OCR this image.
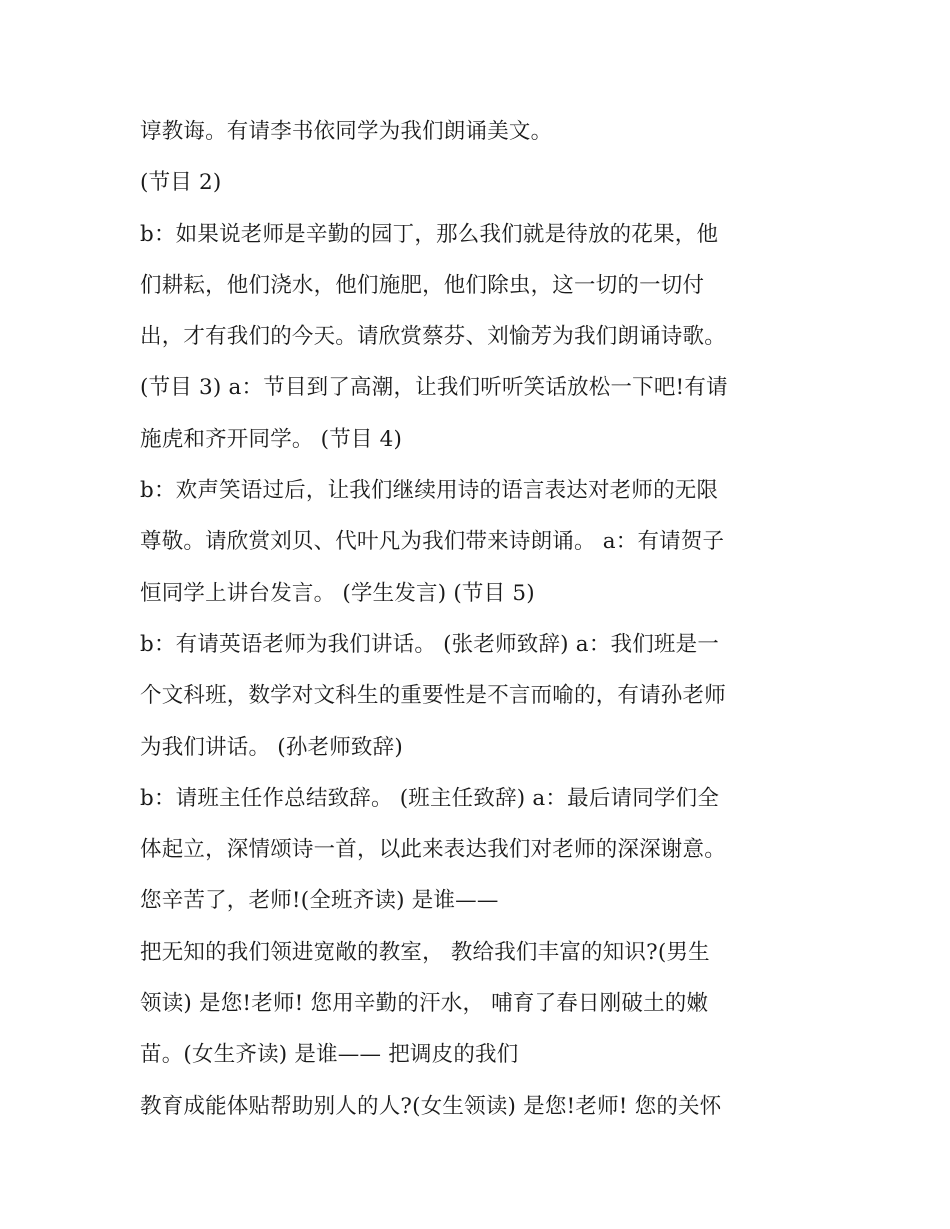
谆教诲。有请李书依同学为我们朗诵美文。
(节目 2)
b：如果说老师是辛勤的园丁，那么我们就是待放的花果，他
们耕耘，他们浇水，他们施肥，他们除虫，这一切的一切付
出，才有我们的今天。请欣赏蔡芬、刘愉芳为我们朗诵诗歌。
(节目 3) a：节目到了高潮，让我们听听笑话放松一下吧!有请
施虎和齐开同学。 (节目 4)
b：欢声笑语过后，让我们继续用诗的语言表达对老师的无限
尊敬。请欣赏刘贝、代叶凡为我们带来诗朗诵。 a：有请贺子
恒同学上讲台发言。 (学生发言) (节目 5)
b：有请英语老师为我们讲话。 (张老师致辞) a：我们班是一
个文科班，数学对文科生的重要性是不言而喻的，有请孙老师
为我们讲话。 (孙老师致辞)
b：请班主任作总结致辞。 (班主任致辞) a：最后请同学们全
体起立，深情颂诗一首，以此来表达我们对老师的深深谢意。
您辛苦了，老师!(全班齐读) 是谁——
把无知的我们领进宽敞的教室， 教给我们丰富的知识?(男生
领读) 是您!老师! 您用辛勤的汗水， 哺育了春日刚破土的嫩
苗。(女生齐读) 是谁—— 把调皮的我们
教育成能体贴帮助别人的人?(女生领读) 是您!老师! 您的关怀
